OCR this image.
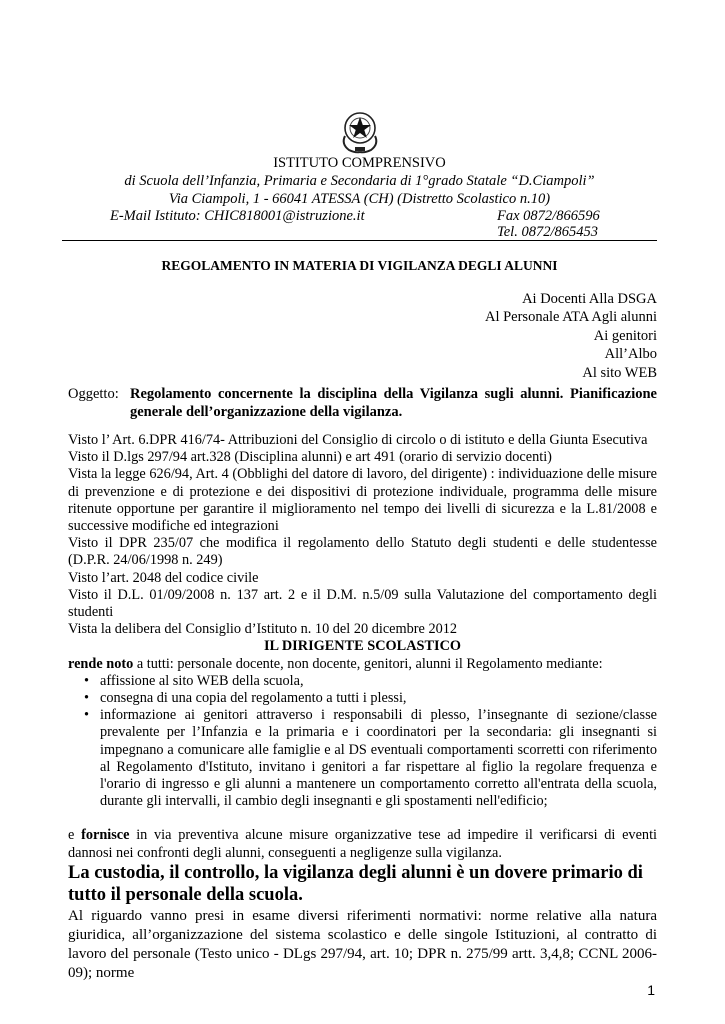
ISTITUTO COMPRENSIVO
di Scuola dell’Infanzia, Primaria e Secondaria di 1°grado Statale “D.Ciampoli”
Via Ciampoli, 1 - 66041 ATESSA (CH) (Distretto Scolastico n.10)
E-Mail Istituto: CHIC818001@istruzione.it	Fax 0872/866596
Tel. 0872/865453
REGOLAMENTO IN MATERIA DI VIGILANZA DEGLI ALUNNI
Ai Docenti Alla DSGA
Al Personale ATA Agli alunni
Ai genitori
All’Albo
Al sito WEB
Oggetto: Regolamento concernente la disciplina della Vigilanza sugli alunni. Pianificazione generale dell’organizzazione della vigilanza.

Visto l’ Art. 6.DPR 416/74- Attribuzioni del Consiglio di circolo o di istituto e della Giunta Esecutiva

Visto il D.lgs 297/94 art.328 (Disciplina alunni) e art 491 (orario di servizio docenti)

Vista la legge 626/94, Art. 4 (Obblighi del datore di lavoro, del dirigente) : individuazione delle misure di prevenzione e di protezione e dei dispositivi di protezione individuale, programma delle misure ritenute opportune per garantire il miglioramento nel tempo dei livelli di sicurezza e la L.81/2008 e successive modifiche ed integrazioni

Visto il DPR 235/07 che modifica il regolamento dello Statuto degli studenti e delle studentesse (D.P.R. 24/06/1998 n. 249)

Visto l’art. 2048 del codice civile

Visto il D.L. 01/09/2008 n. 137 art. 2 e il D.M. n.5/09 sulla Valutazione del comportamento degli studenti

Vista la delibera del Consiglio d’Istituto n. 10 del 20 dicembre 2012

IL DIRIGENTE SCOLASTICO

rende noto a tutti: personale docente, non docente, genitori, alunni il Regolamento mediante:

• affissione al sito WEB della scuola,
• consegna di una copia del regolamento a tutti i plessi,
• informazione ai genitori attraverso i responsabili di plesso, l’insegnante di sezione/classe prevalente per l’Infanzia e la primaria e i coordinatori per la secondaria: gli insegnanti si impegnano a comunicare alle famiglie e al DS eventuali comportamenti scorretti con riferimento al Regolamento d'Istituto, invitano i genitori a far rispettare al figlio la regolare frequenza e l'orario di ingresso e gli alunni a mantenere un comportamento corretto all'entrata della scuola, durante gli intervalli, il cambio degli insegnanti e gli spostamenti nell'edificio;

e fornisce in via preventiva alcune misure organizzative tese ad impedire il verificarsi di eventi dannosi nei confronti degli alunni, conseguenti a negligenze sulla vigilanza.

La custodia, il controllo, la vigilanza degli alunni è un dovere primario di tutto il personale della scuola.

Al riguardo vanno presi in esame diversi riferimenti normativi: norme relative alla natura giuridica, all’organizzazione del sistema scolastico e delle singole Istituzioni, al contratto di lavoro del personale (Testo unico - DLgs 297/94, art. 10; DPR n. 275/99 artt. 3,4,8; CCNL 2006-09); norme

1
